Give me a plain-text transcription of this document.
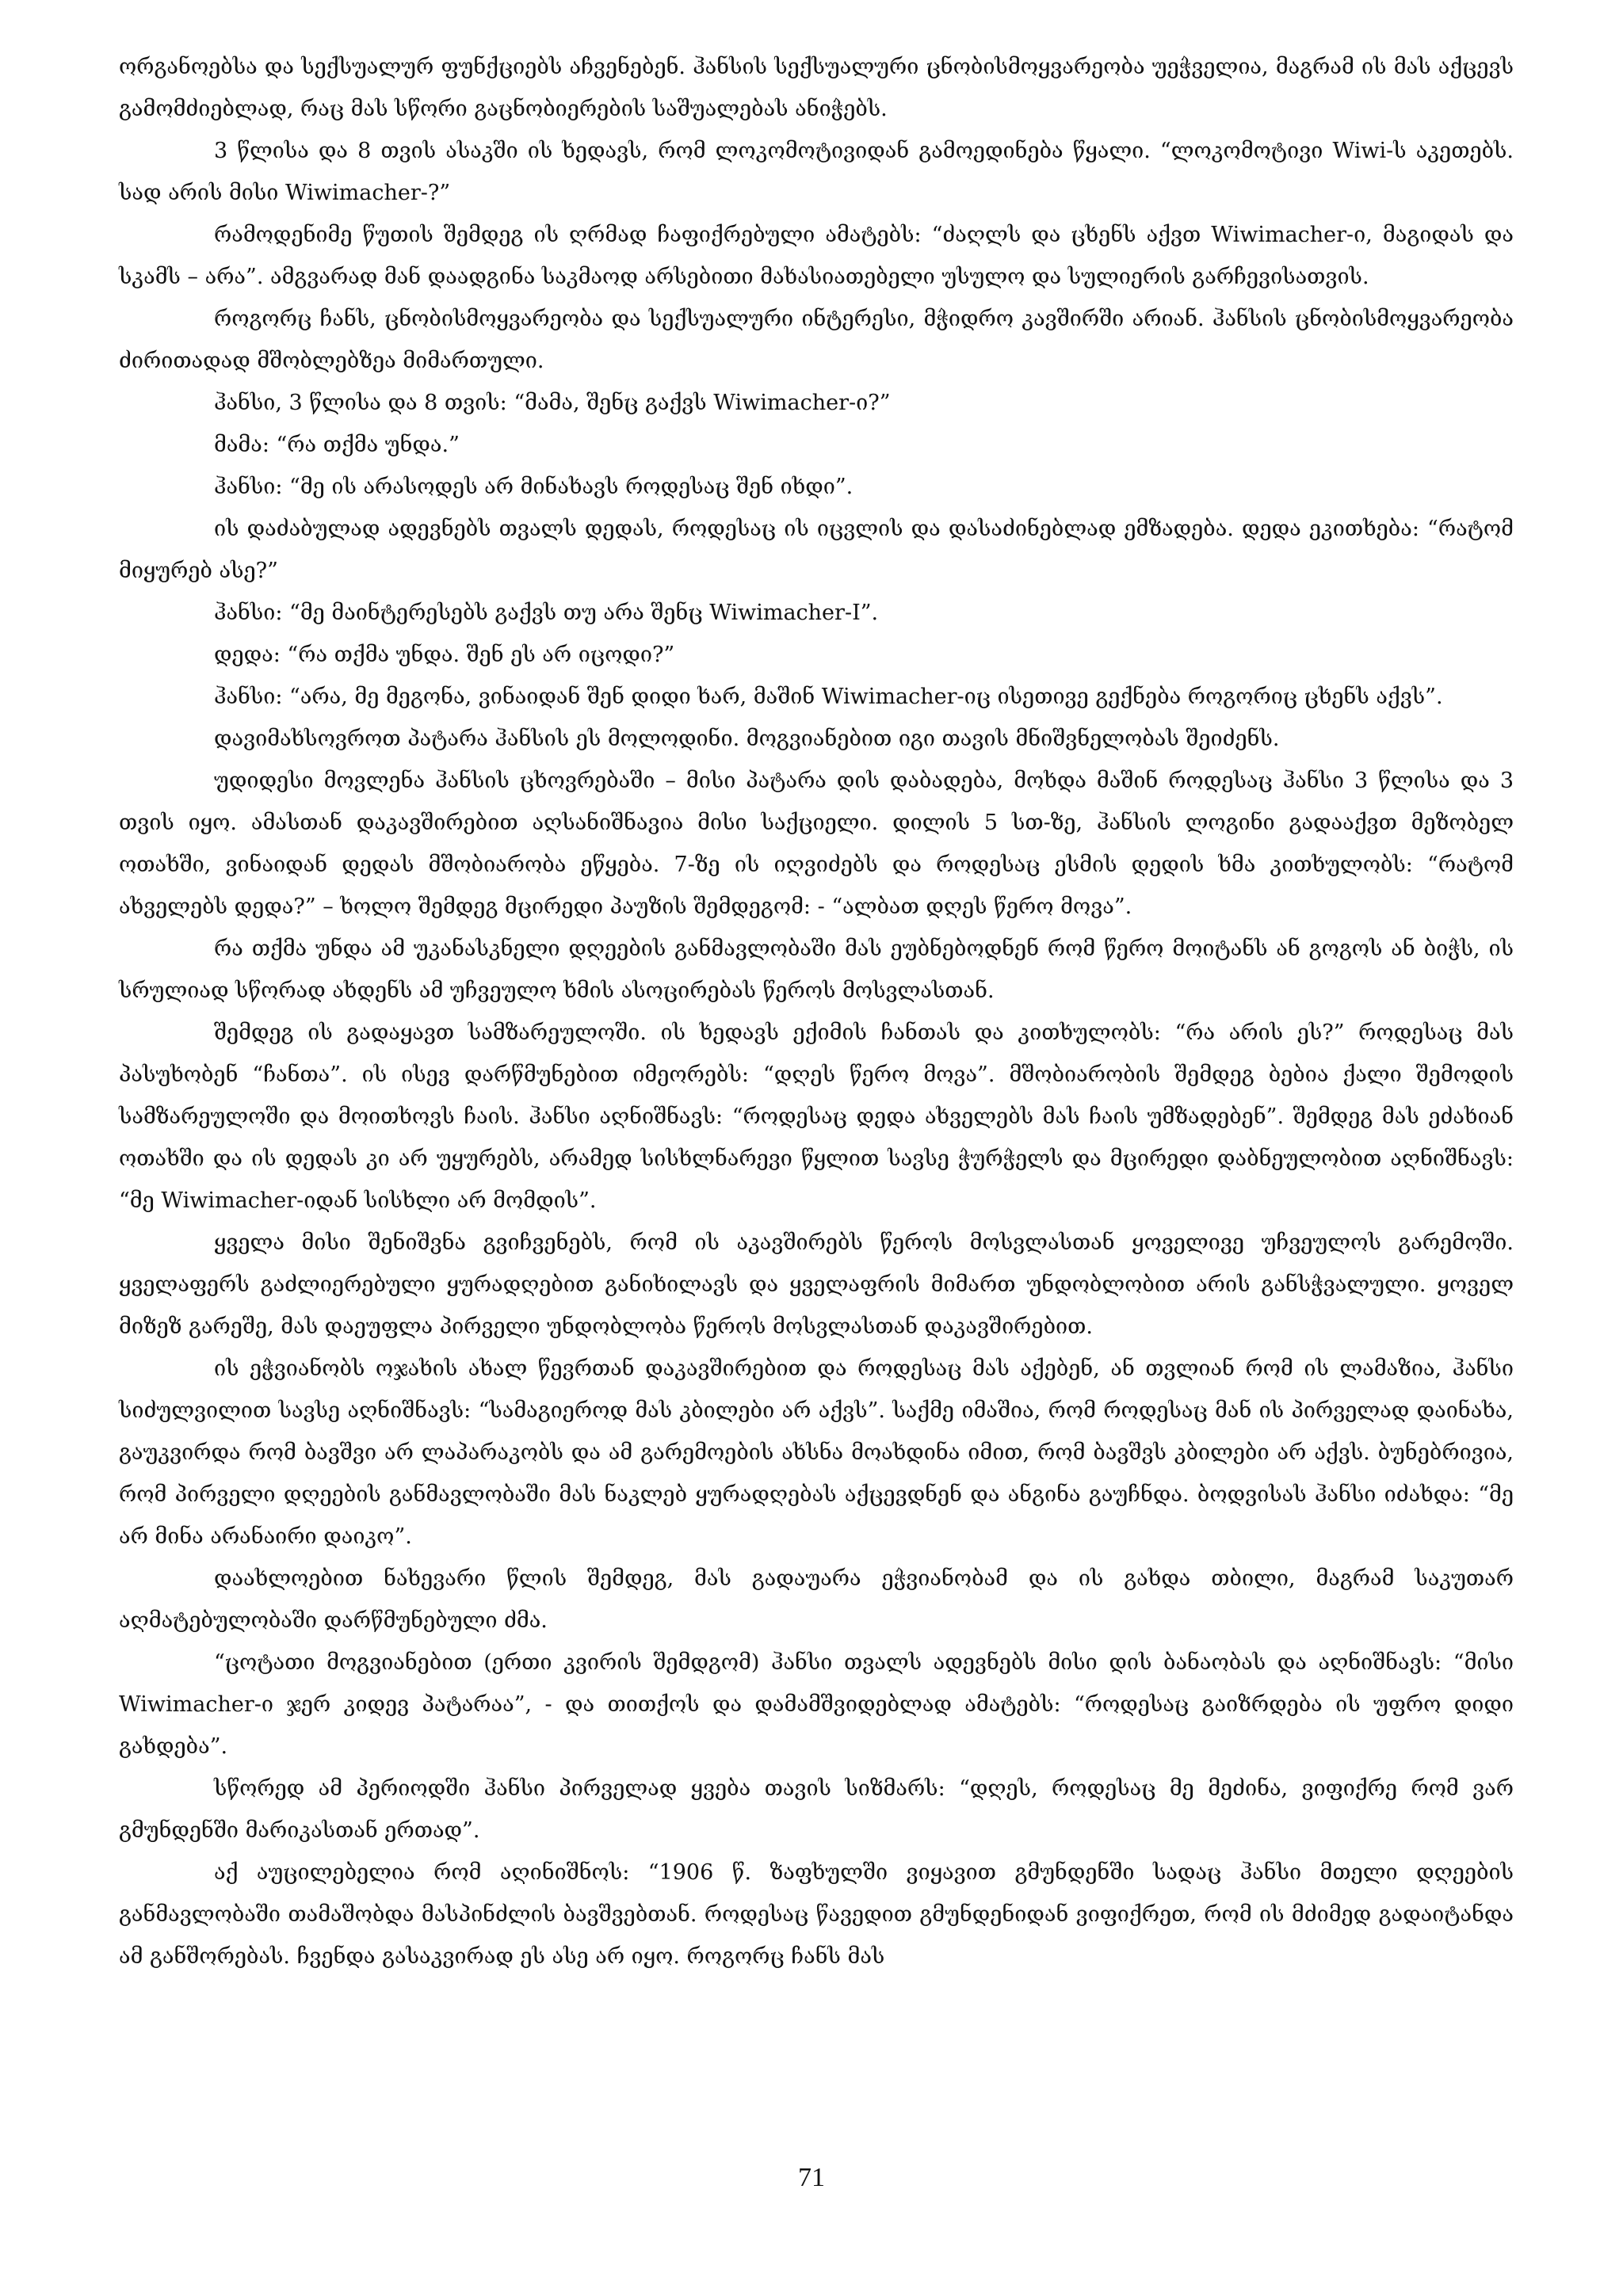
ორგანოებსა და სექსუალურ ფუნქციებს აჩვენებენ. ჰანსის სექსუალური ცნობისმოყვარეობა უეჭველია, მაგრამ ის მას აქცევს გამომძიებლად, რაც მას სწორი გაცნობიერების საშუალებას ანიჭებს.

3 წლისა და 8 თვის ასაკში ის ხედავს, რომ ლოკომოტივიდან გამოედინება წყალი. “ლოკომოტივი Wiwi-ს აკეთებს. სად არის მისი Wiwimacher-?”

რამოდენიმე წუთის შემდეგ ის ღრმად ჩაფიქრებული ამატებს: “ძაღლს და ცხენს აქვთ Wiwimacher-ი, მაგიდას და სკამს – არა”. ამგვარად მან დაადგინა საკმაოდ არსებითი მახასიათებელი უსულო და სულიერის გარჩევისათვის.

როგორც ჩანს, ცნობისმოყვარეობა და სექსუალური ინტერესი, მჭიდრო კავშირში არიან. ჰანსის ცნობისმოყვარეობა ძირითადად მშობლებზეა მიმართული.

ჰანსი, 3 წლისა და 8 თვის: “მამა, შენც გაქვს Wiwimacher-ი?”

მამა: “რა თქმა უნდა.”

ჰანსი: “მე ის არასოდეს არ მინახავს როდესაც შენ იხდი”.

ის დაძაბულად ადევნებს თვალს დედას, როდესაც ის იცვლის და დასაძინებლად ემზადება. დედა ეკითხება: “რატომ მიყურებ ასე?”

ჰანსი: “მე მაინტერესებს გაქვს თუ არა შენც Wiwimacher-I”.

დედა: “რა თქმა უნდა. შენ ეს არ იცოდი?”

ჰანსი: “არა, მე მეგონა, ვინაიდან შენ დიდი ხარ, მაშინ Wiwimacher-იც ისეთივე გექნება როგორიც ცხენს აქვს”.

დავიმახსოვროთ პატარა ჰანსის ეს მოლოდინი. მოგვიანებით იგი თავის მნიშვნელობას შეიძენს.

უდიდესი მოვლენა ჰანსის ცხოვრებაში – მისი პატარა დის დაბადება, მოხდა მაშინ როდესაც ჰანსი 3 წლისა და 3 თვის იყო. ამასთან დაკავშირებით აღსანიშნავია მისი საქციელი. დილის 5 სთ-ზე, ჰანსის ლოგინი გადააქვთ მეზობელ ოთახში, ვინაიდან დედას მშობიარობა ეწყება. 7-ზე ის იღვიძებს და როდესაც ესმის დედის ხმა კითხულობს: “რატომ ახველებს დედა?” – ხოლო შემდეგ მცირედი პაუზის შემდეგომ: - “ალბათ დღეს წერო მოვა”.

რა თქმა უნდა ამ უკანასკნელი დღეების განმავლობაში მას ეუბნებოდნენ რომ წერო მოიტანს ან გოგოს ან ბიჭს, ის სრულიად სწორად ახდენს ამ უჩვეულო ხმის ასოცირებას წეროს მოსვლასთან.

შემდეგ ის გადაყავთ სამზარეულოში. ის ხედავს ექიმის ჩანთას და კითხულობს: “რა არის ეს?” როდესაც მას პასუხობენ “ჩანთა”. ის ისევ დარწმუნებით იმეორებს: “დღეს წერო მოვა”. მშობიარობის შემდეგ ბებია ქალი შემოდის სამზარეულოში და მოითხოვს ჩაის. ჰანსი აღნიშნავს: “როდესაც დედა ახველებს მას ჩაის უმზადებენ”. შემდეგ მას ეძახიან ოთახში და ის დედას კი არ უყურებს, არამედ სისხლნარევი წყლით სავსე ჭურჭელს და მცირედი დაბნეულობით აღნიშნავს: “მე Wiwimacher-იდან სისხლი არ მომდის”.

ყველა მისი შენიშვნა გვიჩვენებს, რომ ის აკავშირებს წეროს მოსვლასთან ყოველივე უჩვეულოს გარემოში. ყველაფერს გაძლიერებული ყურადღებით განიხილავს და ყველაფრის მიმართ უნდობლობით არის განსჭვალული. ყოველ მიზეზ გარეშე, მას დაეუფლა პირველი უნდობლობა წეროს მოსვლასთან დაკავშირებით.

ის ეჭვიანობს ოჯახის ახალ წევრთან დაკავშირებით და როდესაც მას აქებენ, ან თვლიან რომ ის ლამაზია, ჰანსი სიძულვილით სავსე აღნიშნავს: “სამაგიეროდ მას კბილები არ აქვს”. საქმე იმაშია, რომ როდესაც მან ის პირველად დაინახა, გაუკვირდა რომ ბავშვი არ ლაპარაკობს და ამ გარემოების ახსნა მოახდინა იმით, რომ ბავშვს კბილები არ აქვს. ბუნებრივია, რომ პირველი დღეების განმავლობაში მას ნაკლებ ყურადღებას აქცევდნენ და ანგინა გაუჩნდა. ბოდვისას ჰანსი იძახდა: “მე არ მინა არანაირი დაიკო”.

დაახლოებით ნახევარი წლის შემდეგ, მას გადაუარა ეჭვიანობამ და ის გახდა თბილი, მაგრამ საკუთარ აღმატებულობაში დარწმუნებული ძმა.

“ცოტათი მოგვიანებით (ერთი კვირის შემდგომ) ჰანსი თვალს ადევნებს მისი დის ბანაობას და აღნიშნავს: “მისი Wiwimacher-ი ჯერ კიდევ პატარაა”, - და თითქოს და დამამშვიდებლად ამატებს: “როდესაც გაიზრდება ის უფრო დიდი გახდება”.

სწორედ ამ პერიოდში ჰანსი პირველად ყვება თავის სიზმარს: “დღეს, როდესაც მე მეძინა, ვიფიქრე რომ ვარ გმუნდენში მარიკასთან ერთად”.

აქ აუცილებელია რომ აღინიშნოს: “1906 წ. ზაფხულში ვიყავით გმუნდენში სადაც ჰანსი მთელი დღეების განმავლობაში თამაშობდა მასპინძლის ბავშვებთან. როდესაც წავედით გმუნდენიდან ვიფიქრეთ, რომ ის მძიმედ გადაიტანდა ამ განშორებას. ჩვენდა გასაკვირად ეს ასე არ იყო. როგორც ჩანს მას

71
